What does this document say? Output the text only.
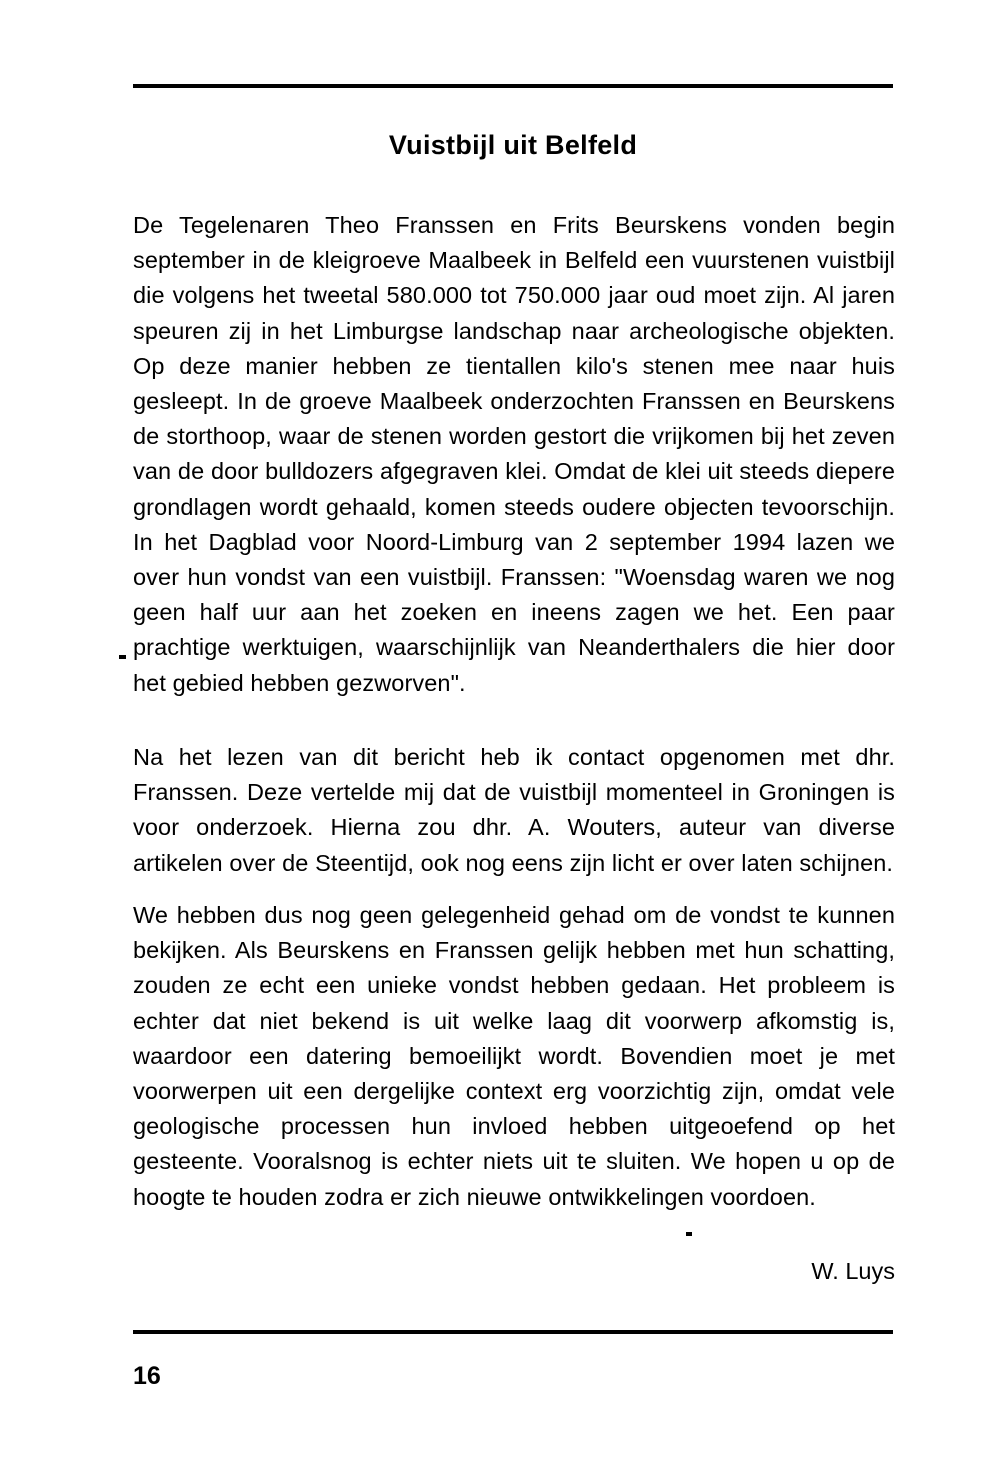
Vuistbijl uit Belfeld
De Tegelenaren Theo Franssen en Frits Beurskens vonden begin september in de kleigroeve Maalbeek in Belfeld een vuurstenen vuistbijl die volgens het tweetal 580.000 tot 750.000 jaar oud moet zijn. Al jaren speuren zij in het Limburgse landschap naar archeologische objekten. Op deze manier hebben ze tientallen kilo's stenen mee naar huis gesleept. In de groeve Maalbeek onderzochten Franssen en Beurskens de storthoop, waar de stenen worden gestort die vrijkomen bij het zeven van de door bulldozers afgegraven klei. Omdat de klei uit steeds diepere grondlagen wordt gehaald, komen steeds oudere objecten tevoorschijn. In het Dagblad voor Noord-Limburg van 2 september 1994 lazen we over hun vondst van een vuistbijl. Franssen: "Woensdag waren we nog geen half uur aan het zoeken en ineens zagen we het. Een paar prachtige werktuigen, waarschijnlijk van Neanderthalers die hier door het gebied hebben gezworven".
Na het lezen van dit bericht heb ik contact opgenomen met dhr. Franssen. Deze vertelde mij dat de vuistbijl momenteel in Groningen is voor onderzoek. Hierna zou dhr. A. Wouters, auteur van diverse artikelen over de Steentijd, ook nog eens zijn licht er over laten schijnen.
We hebben dus nog geen gelegenheid gehad om de vondst te kunnen bekijken. Als Beurskens en Franssen gelijk hebben met hun schatting, zouden ze echt een unieke vondst hebben gedaan. Het probleem is echter dat niet bekend is uit welke laag dit voorwerp afkomstig is, waardoor een datering bemoeilijkt wordt. Bovendien moet je met voorwerpen uit een dergelijke context erg voorzichtig zijn, omdat vele geologische processen hun invloed hebben uitgeoefend op het gesteente. Vooralsnog is echter niets uit te sluiten. We hopen u op de hoogte te houden zodra er zich nieuwe ontwikkelingen voordoen.
W. Luys
16
